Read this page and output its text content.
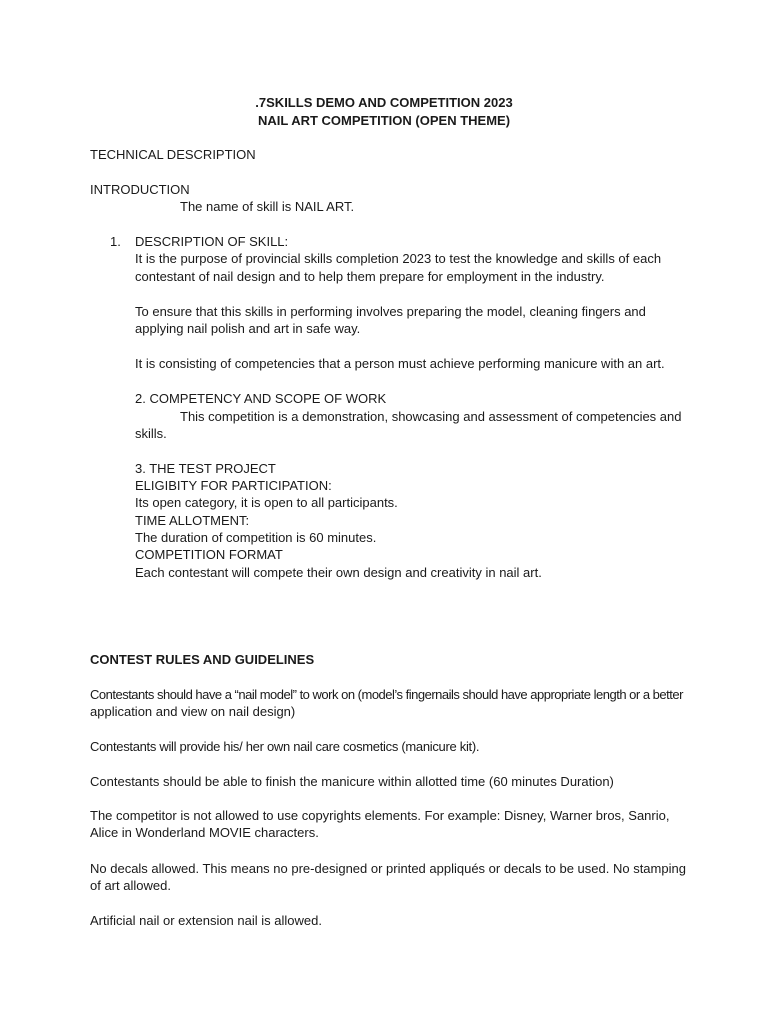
.7SKILLS DEMO AND COMPETITION 2023
NAIL ART COMPETITION (OPEN THEME)
TECHNICAL DESCRIPTION
INTRODUCTION
The name of skill is NAIL ART.
1. DESCRIPTION OF SKILL:
It is the purpose of provincial skills completion 2023 to test the knowledge and skills of each
contestant of nail design and to help them prepare for employment in the industry.
To ensure that this skills in performing involves preparing the model, cleaning fingers and
applying nail polish and art in safe way.
It is consisting of competencies that a person must achieve performing manicure with an art.
2. COMPETENCY AND SCOPE OF WORK
This competition is a demonstration, showcasing and assessment of competencies and
skills.
3. THE TEST PROJECT
ELIGIBITY FOR PARTICIPATION:
Its open category, it is open to all participants.
TIME ALLOTMENT:
The duration of competition is 60 minutes.
COMPETITION FORMAT
Each contestant will compete their own design and creativity in nail art.
CONTEST RULES AND GUIDELINES
Contestants should have a “nail model” to work on (model’s fingernails should have appropriate length or a better
application and view on nail design)
Contestants will provide his/ her own nail care cosmetics (manicure kit).
Contestants should be able to finish the manicure within allotted time (60 minutes Duration)
The competitor is not allowed to use copyrights elements. For example: Disney, Warner bros, Sanrio,
Alice in Wonderland MOVIE characters.
No decals allowed. This means no pre-designed or printed appliqués or decals to be used. No stamping
of art allowed.
Artificial nail or extension nail is allowed.
